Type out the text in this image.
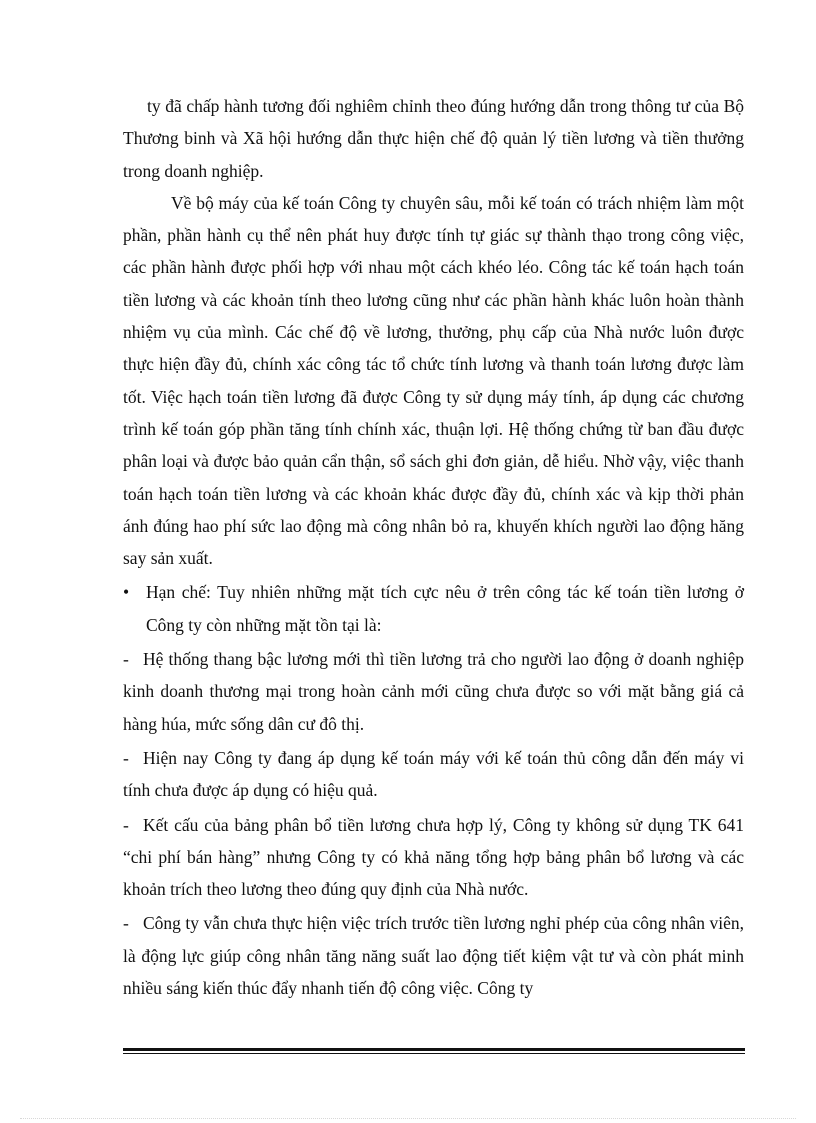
ty đã chấp hành tương đối nghiêm chỉnh theo đúng hướng dẫn trong thông tư của Bộ Thương binh và Xã hội hướng dẫn thực hiện chế độ quản lý tiền lương và tiền thưởng trong doanh nghiệp.

Về bộ máy của kế toán Công ty chuyên sâu, mỗi kế toán có trách nhiệm làm một phần, phần hành cụ thể nên phát huy được tính tự giác sự thành thạo trong công việc, các phần hành được phối hợp với nhau một cách khéo léo. Công tác kế toán hạch toán tiền lương và các khoản tính theo lương cũng như các phần hành khác luôn hoàn thành nhiệm vụ của mình. Các chế độ về lương, thưởng, phụ cấp của Nhà nước luôn được thực hiện đầy đủ, chính xác công tác tổ chức tính lương và thanh toán lương được làm tốt. Việc hạch toán tiền lương đã được Công ty sử dụng máy tính, áp dụng các chương trình kế toán góp phần tăng tính chính xác, thuận lợi. Hệ thống chứng từ ban đầu được phân loại và được bảo quản cẩn thận, sổ sách ghi đơn giản, dễ hiểu. Nhờ vậy, việc thanh toán hạch toán tiền lương và các khoản khác được đầy đủ, chính xác và kịp thời phản ánh đúng hao phí sức lao động mà công nhân bỏ ra, khuyến khích người lao động hăng say sản xuất.

• Hạn chế: Tuy nhiên những mặt tích cực nêu ở trên công tác kế toán tiền lương ở Công ty còn những mặt tồn tại là:
- Hệ thống thang bậc lương mới thì tiền lương trả cho người lao động ở doanh nghiệp kinh doanh thương mại trong hoàn cảnh mới cũng chưa được so với mặt bằng giá cả hàng húa, mức sống dân cư đô thị.
- Hiện nay Công ty đang áp dụng kế toán máy với kế toán thủ công dẫn đến máy vi tính chưa được áp dụng có hiệu quả.
- Kết cấu của bảng phân bổ tiền lương chưa hợp lý, Công ty không sử dụng TK 641 “chi phí bán hàng” nhưng Công ty có khả năng tổng hợp bảng phân bổ lương và các khoản trích theo lương theo đúng quy định của Nhà nước.
- Công ty vẫn chưa thực hiện việc trích trước tiền lương nghỉ phép của công nhân viên, là động lực giúp công nhân tăng năng suất lao động tiết kiệm vật tư và còn phát minh nhiều sáng kiến thúc đẩy nhanh tiến độ công việc. Công ty
